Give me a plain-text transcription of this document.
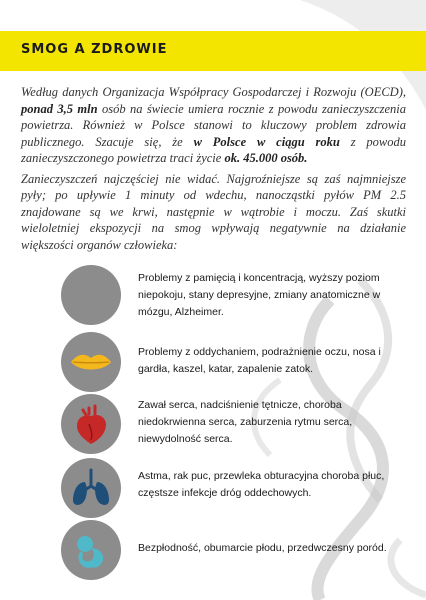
SMOG A ZDROWIE

Według danych Organizacja Współpracy Gospodarczej i Rozwoju (OECD), ponad 3,5 mln osób na świecie umiera rocznie z powodu zanieczyszczenia powietrza. Również w Polsce stanowi to kluczowy problem zdrowia publicznego. Szacuje się, że w Polsce w ciągu roku z powodu zanieczyszczonego powietrza traci życie ok. 45.000 osób.

Zanieczyszczeń najczęściej nie widać. Najgroźniejsze są zaś najmniejsze pyły; po upływie 1 minuty od wdechu, nanocząstki pyłów PM 2.5 znajdowane są we krwi, następnie w wątrobie i moczu. Zaś skutki wieloletniej ekspozycji na smog wpływają negatywnie na działanie większości organów człowieka:

Problemy z pamięcią i koncentracją, wyższy poziom niepokoju, stany depresyjne, zmiany anatomiczne w mózgu, Alzheimer.

Problemy z oddychaniem, podrażnienie oczu, nosa i gardła, kaszel, katar, zapalenie zatok.

Zawał serca, nadciśnienie tętnicze, choroba niedokrwienna serca, zaburzenia rytmu serca, niewydolność serca.

Astma, rak puc, przewleka obturacyjna choroba płuc, częstsze infekcje dróg oddechowych.

Bezpłodność, obumarcie płodu, przedwczesny poród.
